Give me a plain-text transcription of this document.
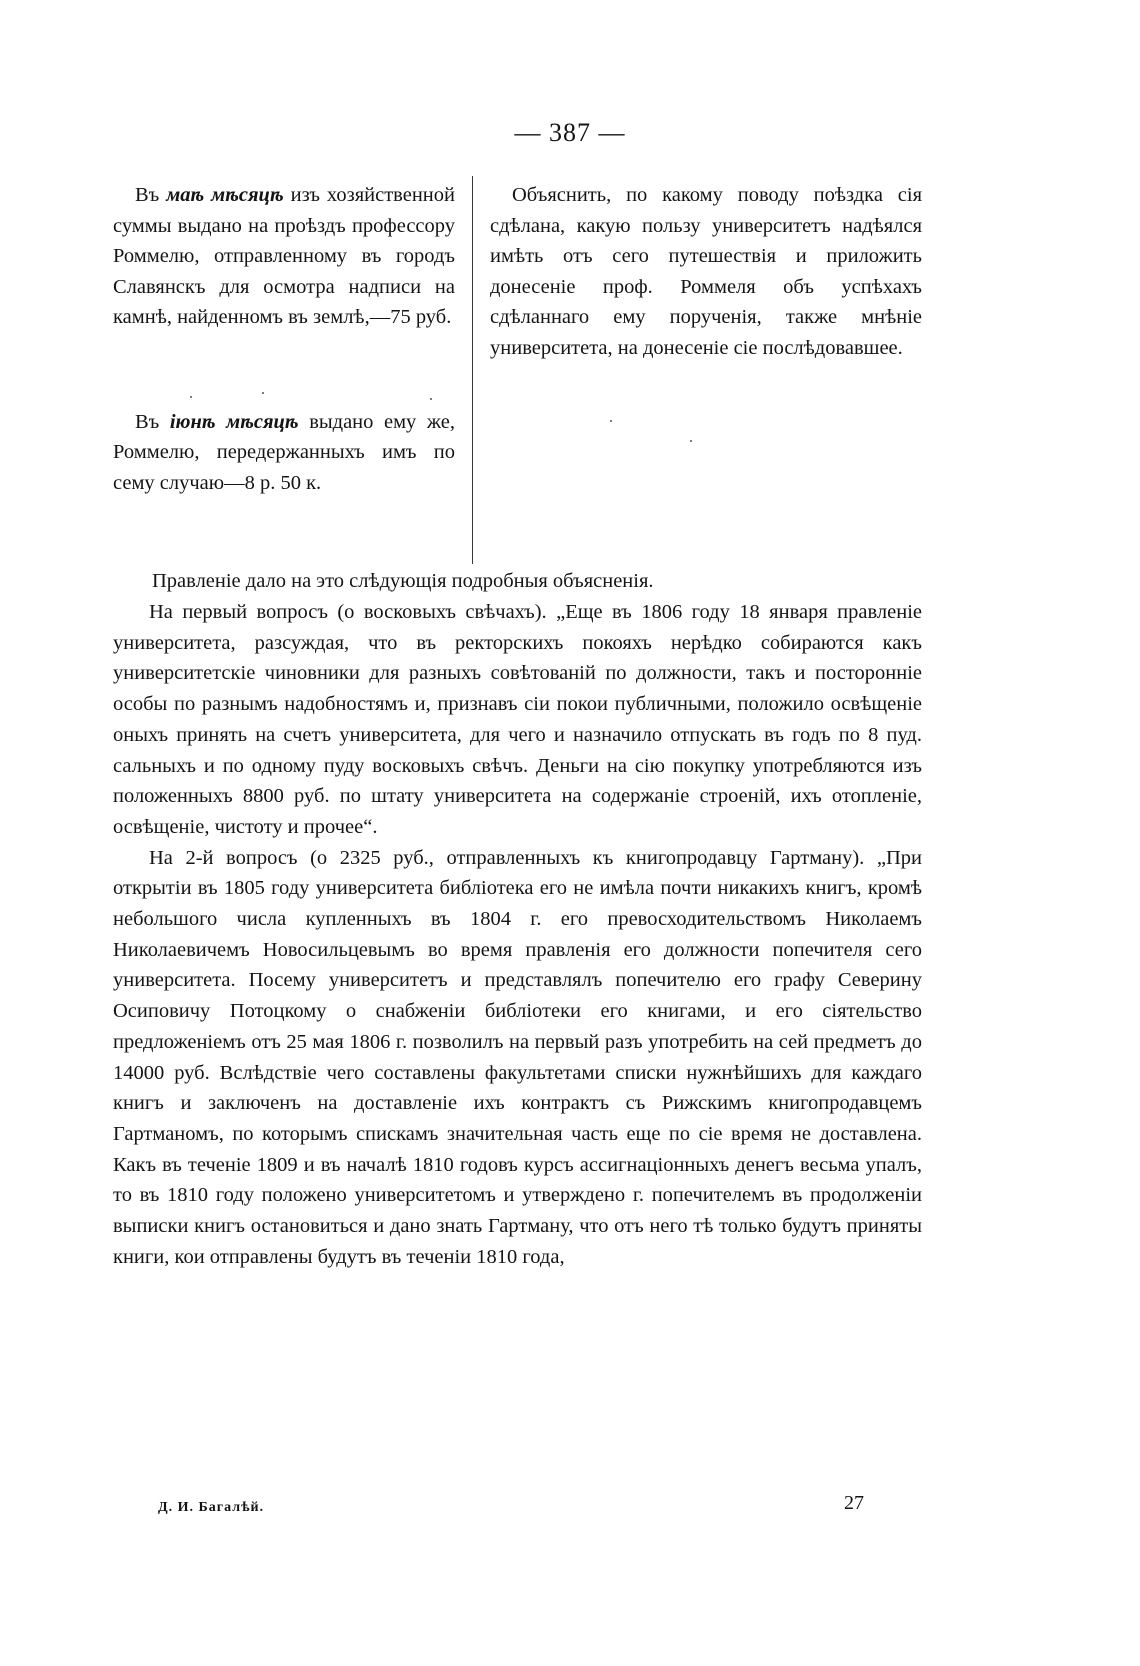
— 387 —

Въ маѣ мѣсяцѣ изъ хозяйственной суммы выдано на проѣздъ профессору Роммелю, отправленному въ городъ Славянскъ для осмотра надписи на камнѣ, найденномъ въ землѣ,—75 руб.

Въ іюнѣ мѣсяцѣ выдано ему же, Роммелю, передержанныхъ имъ по сему случаю—8 р. 50 к.

Объяснить, по какому поводу поѣздка сія сдѣлана, какую пользу университетъ надѣялся имѣть отъ сего путешествія и приложить донесеніе проф. Роммеля объ успѣхахъ сдѣланнаго ему порученія, также мнѣніе университета, на донесеніе сіе послѣдовавшее.

Правленіе дало на это слѣдующія подробныя объясненія.

На первый вопросъ (о восковыхъ свѣчахъ). „Еще въ 1806 году 18 января правленіе университета, разсуждая, что въ ректорскихъ покояхъ нерѣдко собираются какъ университетскіе чиновники для разныхъ совѣтованій по должности, такъ и посторонніе особы по разнымъ надобностямъ и, признавъ сіи покои публичными, положило освѣщеніе оныхъ принять на счетъ университета, для чего и назначило отпускать въ годъ по 8 пуд. сальныхъ и по одному пуду восковыхъ свѣчъ. Деньги на сію покупку употребляются изъ положенныхъ 8800 руб. по штату университета на содержаніе строеній, ихъ отопленіе, освѣщеніе, чистоту и прочее“.

На 2-й вопросъ (о 2325 руб., отправленныхъ къ книгопродавцу Гартману). „При открытіи въ 1805 году университета библіотека его не имѣла почти никакихъ книгъ, кромѣ небольшого числа купленныхъ въ 1804 г. его превосходительствомъ Николаемъ Николаевичемъ Новосильцевымъ во время правленія его должности попечителя сего университета. Посему университетъ и представлялъ попечителю его графу Северину Осиповичу Потоцкому о снабженіи библіотеки его книгами, и его сіятельство предложеніемъ отъ 25 мая 1806 г. позволилъ на первый разъ употребить на сей предметъ до 14000 руб. Вслѣдствіе чего составлены факультетами списки нужнѣйшихъ для каждаго книгъ и заключенъ на доставленіе ихъ контрактъ съ Рижскимъ книгопродавцемъ Гартманомъ, по которымъ спискамъ значительная часть еще по сіе время не доставлена. Какъ въ теченіе 1809 и въ началѣ 1810 годовъ курсъ ассигнаціонныхъ денегъ весьма упалъ, то въ 1810 году положено университетомъ и утверждено г. попечителемъ въ продолженіи выписки книгъ остановиться и дано знать Гартману, что отъ него тѣ только будутъ приняты книги, кои отправлены будутъ въ теченіи 1810 года,

Д. И. Багалѣй.	27
